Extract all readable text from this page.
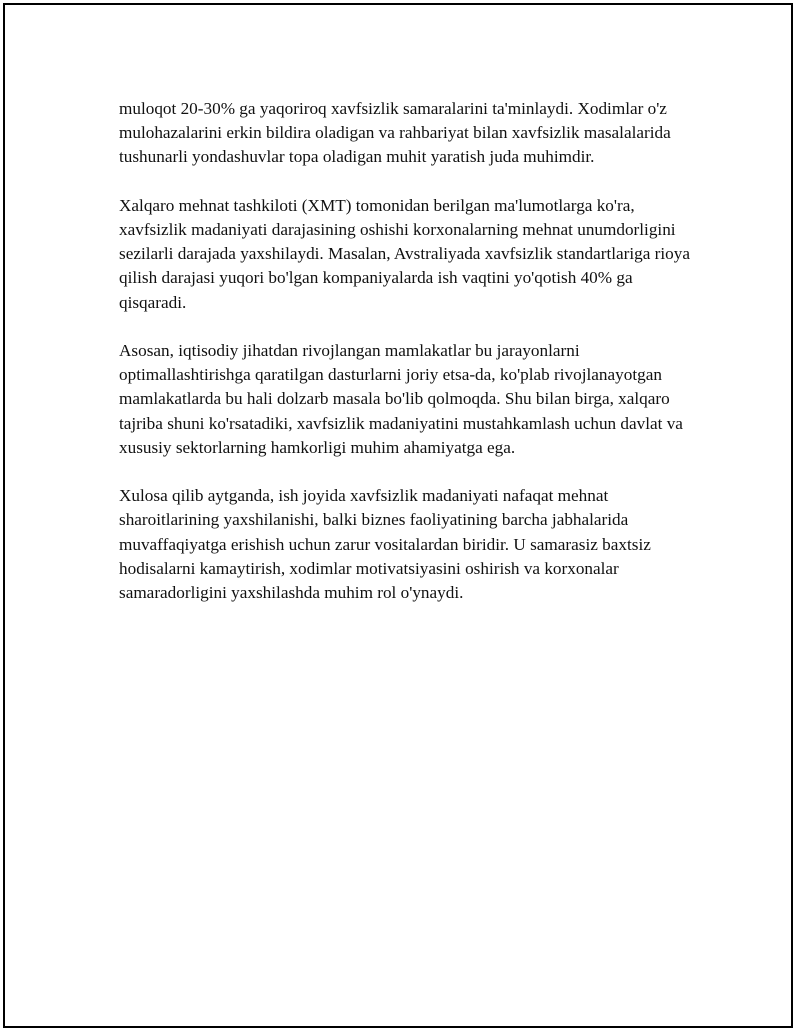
muloqot 20-30% ga yaqoriroq xavfsizlik samaralarini ta'minlaydi. Xodimlar o'z mulohazalarini erkin bildira oladigan va rahbariyat bilan xavfsizlik masalalarida tushunarli yondashuvlar topa oladigan muhit yaratish juda muhimdir.

Xalqaro mehnat tashkiloti (XMT) tomonidan berilgan ma'lumotlarga ko'ra, xavfsizlik madaniyati darajasining oshishi korxonalarning mehnat unumdorligini sezilarli darajada yaxshilaydi. Masalan, Avstraliyada xavfsizlik standartlariga rioya qilish darajasi yuqori bo'lgan kompaniyalarda ish vaqtini yo'qotish 40% ga qisqaradi.

Asosan, iqtisodiy jihatdan rivojlangan mamlakatlar bu jarayonlarni optimallashtirishga qaratilgan dasturlarni joriy etsa-da, ko'plab rivojlanayotgan mamlakatlarda bu hali dolzarb masala bo'lib qolmoqda. Shu bilan birga, xalqaro tajriba shuni ko'rsatadiki, xavfsizlik madaniyatini mustahkamlash uchun davlat va xususiy sektorlarning hamkorligi muhim ahamiyatga ega.

Xulosa qilib aytganda, ish joyida xavfsizlik madaniyati nafaqat mehnat sharoitlarining yaxshilanishi, balki biznes faoliyatining barcha jabhalarida muvaffaqiyatga erishish uchun zarur vositalardan biridir. U samarasiz baxtsiz hodisalarni kamaytirish, xodimlar motivatsiyasini oshirish va korxonalar samaradorligini yaxshilashda muhim rol o'ynaydi.
